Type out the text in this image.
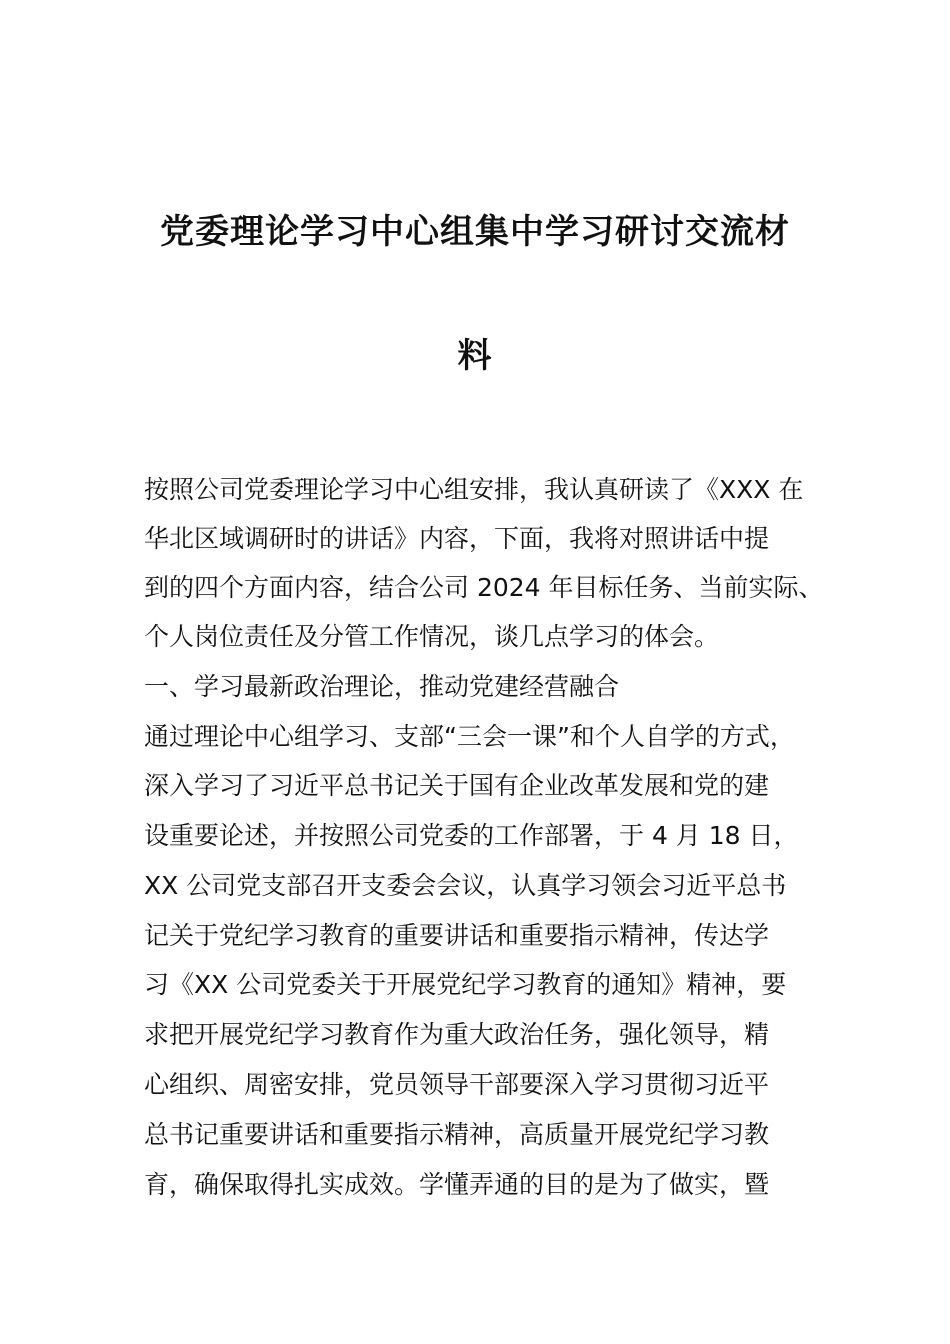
党委理论学习中心组集中学习研讨交流材
料
按照公司党委理论学习中心组安排，我认真研读了《XXX 在
华北区域调研时的讲话》内容，下面，我将对照讲话中提
到的四个方面内容，结合公司 2024 年目标任务、当前实际、
个人岗位责任及分管工作情况，谈几点学习的体会。
一、学习最新政治理论，推动党建经营融合
通过理论中心组学习、支部“三会一课”和个人自学的方式，
深入学习了习近平总书记关于国有企业改革发展和党的建
设重要论述，并按照公司党委的工作部署，于 4 月 18 日，
XX 公司党支部召开支委会会议，认真学习领会习近平总书
记关于党纪学习教育的重要讲话和重要指示精神，传达学
习《XX 公司党委关于开展党纪学习教育的通知》精神，要
求把开展党纪学习教育作为重大政治任务，强化领导，精
心组织、周密安排，党员领导干部要深入学习贯彻习近平
总书记重要讲话和重要指示精神，高质量开展党纪学习教
育，确保取得扎实成效。学懂弄通的目的是为了做实，暨
